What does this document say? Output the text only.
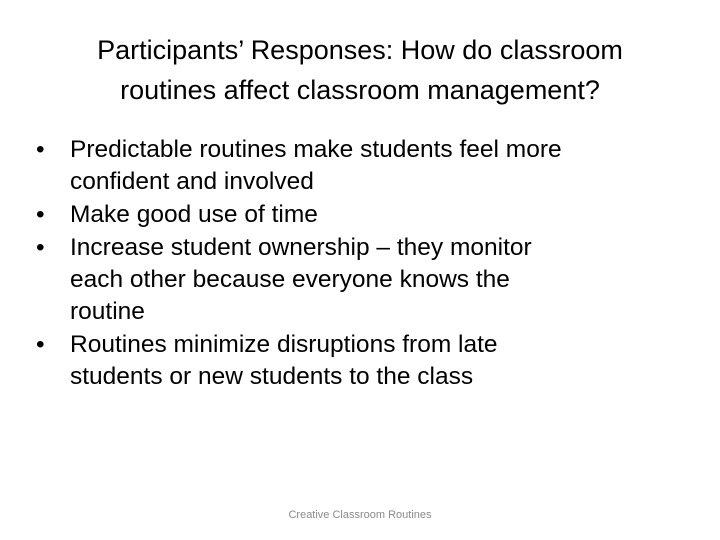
Participants’ Responses: How do classroom
routines affect classroom management?
•	Predictable routines make students feel more
confident and involved
•	Make good use of time
•	Increase student ownership – they monitor
each other because everyone knows the
routine
•	Routines minimize disruptions from late
students or new students to the class
Creative Classroom Routines
